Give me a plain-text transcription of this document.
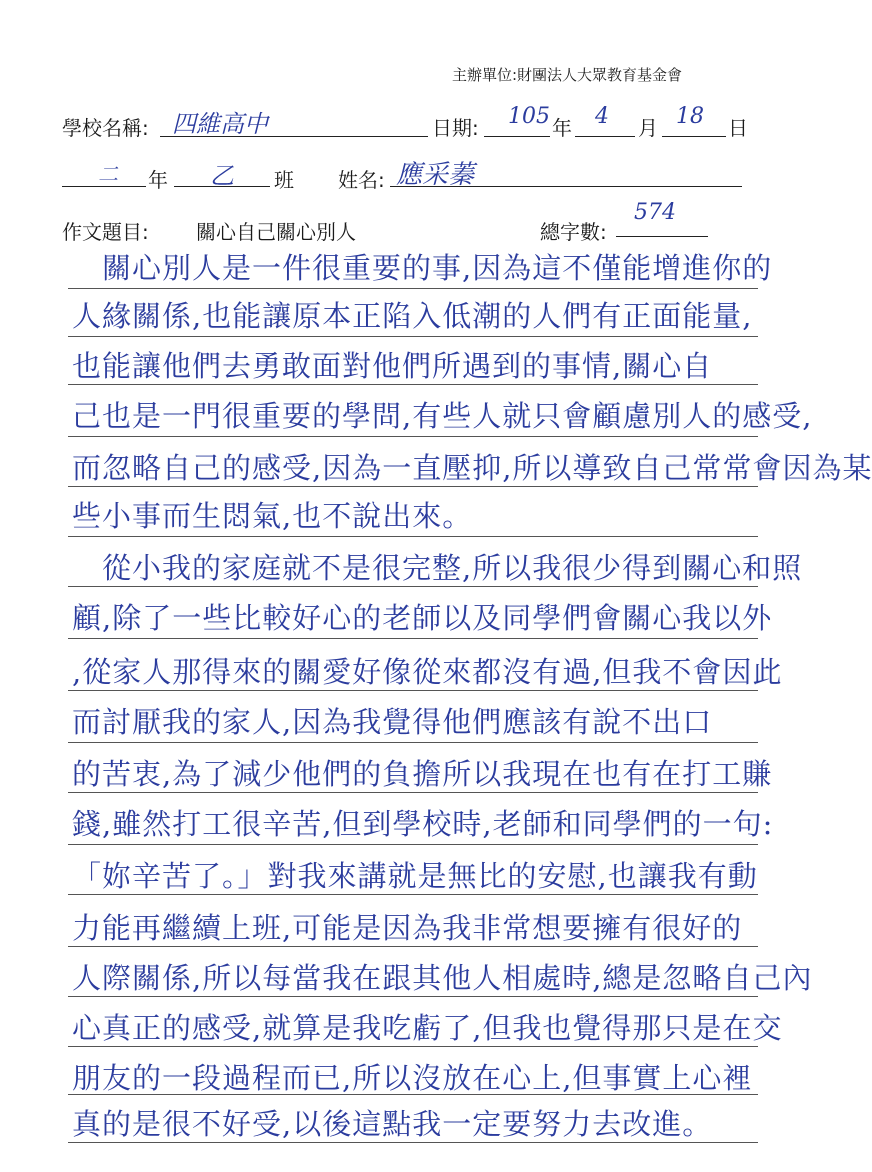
主辦單位:財團法人大眾教育基金會
學校名稱: 四維高中	日期: 105 年 4 月 18 日
二 年 乙 班 姓名: 應采蓁
作文題目: 關心自己關心別人	總字數:
574
　關心別人是一件很重要的事,因為這不僅能增進你的
人緣關係,也能讓原本正陷入低潮的人們有正面能量,
也能讓他們去勇敢面對他們所遇到的事情,關心自
己也是一門很重要的學問,有些人就只會顧慮別人的感受,
而忽略自己的感受,因為一直壓抑,所以導致自己常常會因為某
些小事而生悶氣,也不說出來。
　從小我的家庭就不是很完整,所以我很少得到關心和照
顧,除了一些比較好心的老師以及同學們會關心我以外
,從家人那得來的關愛好像從來都沒有過,但我不會因此
而討厭我的家人,因為我覺得他們應該有說不出口
的苦衷,為了減少他們的負擔所以我現在也有在打工賺
錢,雖然打工很辛苦,但到學校時,老師和同學們的一句:
「妳辛苦了。」對我來講就是無比的安慰,也讓我有動
力能再繼續上班,可能是因為我非常想要擁有很好的
人際關係,所以每當我在跟其他人相處時,總是忽略自己內
心真正的感受,就算是我吃虧了,但我也覺得那只是在交
朋友的一段過程而已,所以沒放在心上,但事實上心裡
真的是很不好受,以後這點我一定要努力去改進。
